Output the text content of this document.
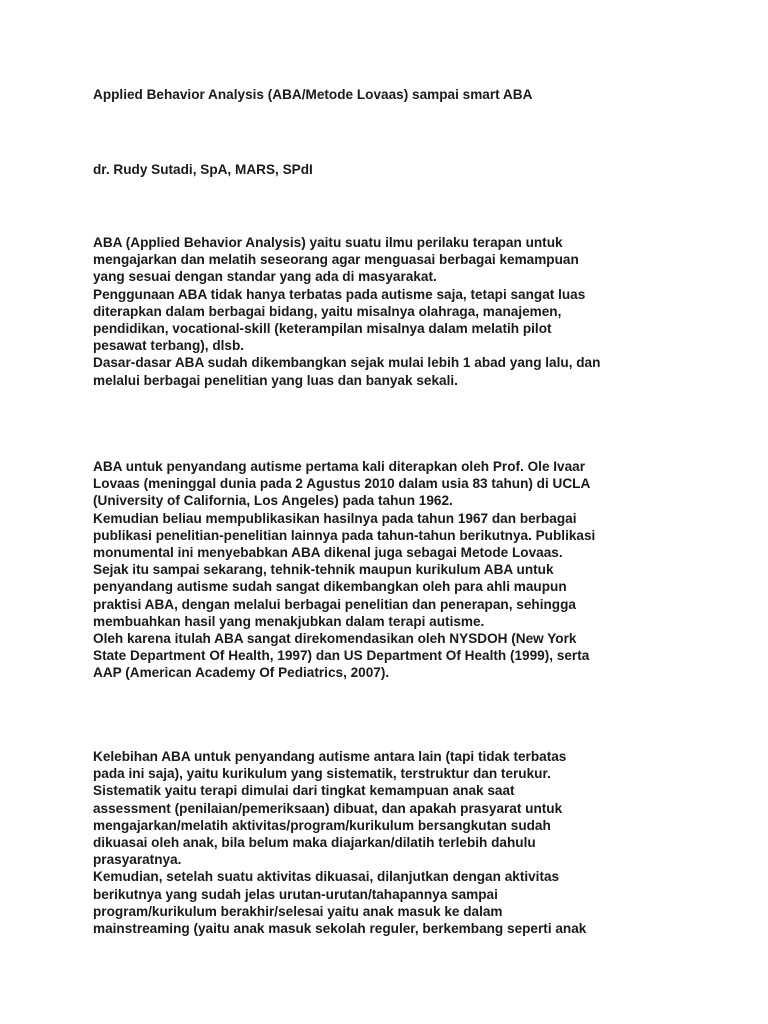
Applied Behavior Analysis (ABA/Metode Lovaas) sampai smart ABA
dr. Rudy Sutadi, SpA, MARS, SPdI
ABA (Applied Behavior Analysis) yaitu suatu ilmu perilaku terapan untuk
mengajarkan dan melatih seseorang agar menguasai berbagai kemampuan
yang sesuai dengan standar yang ada di masyarakat.
Penggunaan ABA tidak hanya terbatas pada autisme saja, tetapi sangat luas
diterapkan dalam berbagai bidang, yaitu misalnya olahraga, manajemen,
pendidikan, vocational-skill (keterampilan misalnya dalam melatih pilot
pesawat terbang), dlsb.
Dasar-dasar ABA sudah dikembangkan sejak mulai lebih 1 abad yang lalu, dan
melalui berbagai penelitian yang luas dan banyak sekali.
ABA untuk penyandang autisme pertama kali diterapkan oleh Prof. Ole Ivaar
Lovaas (meninggal dunia pada 2 Agustus 2010 dalam usia 83 tahun) di UCLA
(University of California, Los Angeles) pada tahun 1962.
Kemudian beliau mempublikasikan hasilnya pada tahun 1967 dan berbagai
publikasi penelitian-penelitian lainnya pada tahun-tahun berikutnya. Publikasi
monumental ini menyebabkan ABA dikenal juga sebagai Metode Lovaas.
Sejak itu sampai sekarang, tehnik-tehnik maupun kurikulum ABA untuk
penyandang autisme sudah sangat dikembangkan oleh para ahli maupun
praktisi ABA, dengan melalui berbagai penelitian dan penerapan, sehingga
membuahkan hasil yang menakjubkan dalam terapi autisme.
Oleh karena itulah ABA sangat direkomendasikan oleh NYSDOH (New York
State Department Of Health, 1997) dan US Department Of Health (1999), serta
AAP (American Academy Of Pediatrics, 2007).
Kelebihan ABA untuk penyandang autisme antara lain (tapi tidak terbatas
pada ini saja), yaitu kurikulum yang sistematik, terstruktur dan terukur.
Sistematik yaitu terapi dimulai dari tingkat kemampuan anak saat
assessment (penilaian/pemeriksaan) dibuat, dan apakah prasyarat untuk
mengajarkan/melatih aktivitas/program/kurikulum bersangkutan sudah
dikuasai oleh anak, bila belum maka diajarkan/dilatih terlebih dahulu
prasyaratnya.
Kemudian, setelah suatu aktivitas dikuasai, dilanjutkan dengan aktivitas
berikutnya yang sudah jelas urutan-urutan/tahapannya sampai
program/kurikulum berakhir/selesai yaitu anak masuk ke dalam
mainstreaming (yaitu anak masuk sekolah reguler, berkembang seperti anak
